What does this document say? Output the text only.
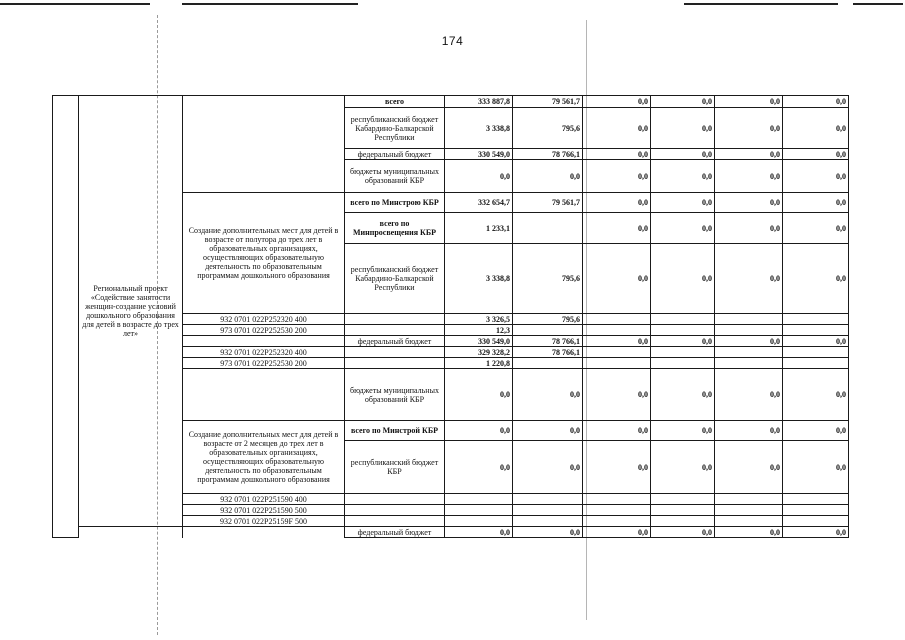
174
	Региональный проект «Содействие занятости женщин-создание условий дошкольного образования для детей в возрасте до трех лет»		всего	333 887,8	79 561,7	0,0	0,0	0,0	0,0
			республиканский бюджет Кабардино-Балкарской Республики	3 338,8	795,6	0,0	0,0	0,0	0,0
			федеральный бюджет	330 549,0	78 766,1	0,0	0,0	0,0	0,0
			бюджеты муниципальных образований КБР	0,0	0,0	0,0	0,0	0,0	0,0
		Создание дополнительных мест для детей в возрасте от полутора до трех лет в образовательных организациях, осуществляющих образовательную деятельность по образовательным программам дошкольного образования	всего по Минстрою КБР	332 654,7	79 561,7	0,0	0,0	0,0	0,0
			всего по Минпросвещения КБР	1 233,1		0,0	0,0	0,0	0,0
			республиканский бюджет Кабардино-Балкарской Республики	3 338,8	795,6	0,0	0,0	0,0	0,0
		932 0701 022P252320 400		3 326,5	795,6				
		973 0701 022P252530 200		12,3					
			федеральный бюджет	330 549,0	78 766,1	0,0	0,0	0,0	0,0
		932 0701 022P252320 400		329 328,2	78 766,1				
		973 0701 022P252530 200		1 220,8					
			бюджеты муниципальных образований КБР	0,0	0,0	0,0	0,0	0,0	0,0
		Создание дополнительных мест для детей в возрасте от 2 месяцев до трех лет в образовательных организациях, осуществляющих образовательную деятельность по образовательным программам дошкольного образования	всего по Минстрой КБР	0,0	0,0	0,0	0,0	0,0	0,0
			республиканский бюджет КБР	0,0	0,0	0,0	0,0	0,0	0,0
		932 0701 022P251590 400							
		932 0701 022P251590 500							
		932 0701 022P25159F 500							
			федеральный бюджет	0,0	0,0	0,0	0,0	0,0	0,0
